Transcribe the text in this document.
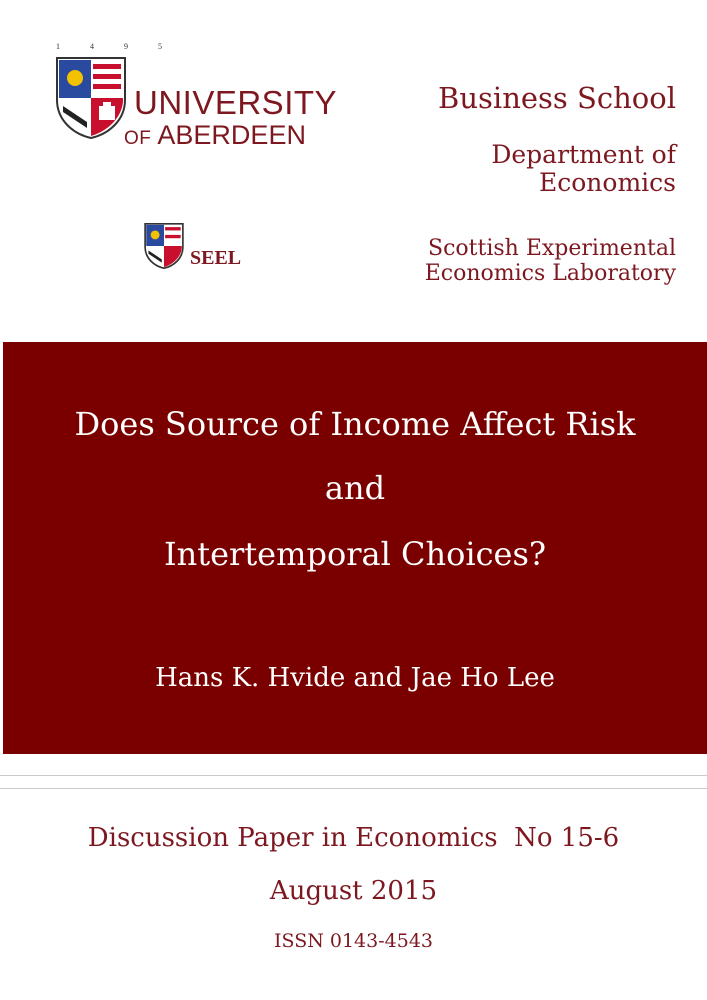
1 4 9 5
UNIVERSITY
OF ABERDEEN
SEEL
Business School
Department of
Economics
Scottish Experimental
Economics Laboratory
Does Source of Income Affect Risk
and
Intertemporal Choices?
Hans K. Hvide and Jae Ho Lee
Discussion Paper in Economics  No 15-6
August 2015
ISSN 0143-4543
